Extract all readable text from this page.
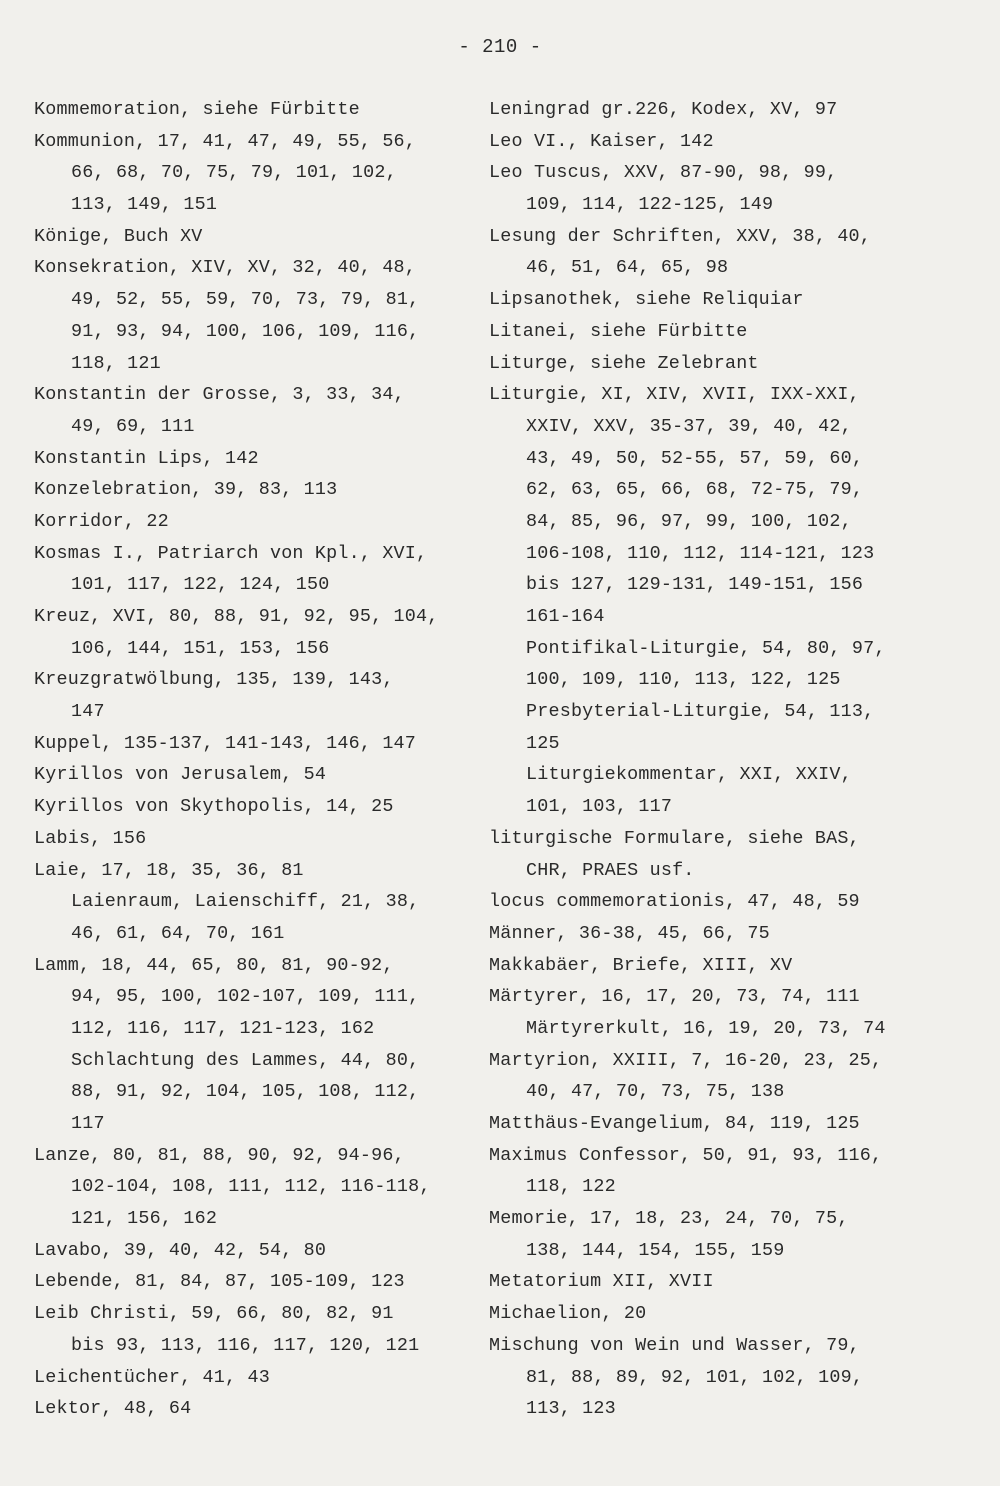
- 210 -
Kommemoration, siehe Fürbitte
Kommunion, 17, 41, 47, 49, 55, 56,
66, 68, 70, 75, 79, 101, 102,
113, 149, 151
Könige, Buch XV
Konsekration, XIV, XV, 32, 40, 48,
49, 52, 55, 59, 70, 73, 79, 81,
91, 93, 94, 100, 106, 109, 116,
118, 121
Konstantin der Grosse, 3, 33, 34,
49, 69, 111
Konstantin Lips, 142
Konzelebration, 39, 83, 113
Korridor, 22
Kosmas I., Patriarch von Kpl., XVI,
101, 117, 122, 124, 150
Kreuz, XVI, 80, 88, 91, 92, 95, 104,
106, 144, 151, 153, 156
Kreuzgratwölbung, 135, 139, 143,
147
Kuppel, 135-137, 141-143, 146, 147
Kyrillos von Jerusalem, 54
Kyrillos von Skythopolis, 14, 25
Labis, 156
Laie, 17, 18, 35, 36, 81
Laienraum, Laienschiff, 21, 38,
46, 61, 64, 70, 161
Lamm, 18, 44, 65, 80, 81, 90-92,
94, 95, 100, 102-107, 109, 111,
112, 116, 117, 121-123, 162
Schlachtung des Lammes, 44, 80,
88, 91, 92, 104, 105, 108, 112,
117
Lanze, 80, 81, 88, 90, 92, 94-96,
102-104, 108, 111, 112, 116-118,
121, 156, 162
Lavabo, 39, 40, 42, 54, 80
Lebende, 81, 84, 87, 105-109, 123
Leib Christi, 59, 66, 80, 82, 91
bis 93, 113, 116, 117, 120, 121
Leichentücher, 41, 43
Lektor, 48, 64
Leningrad gr.226, Kodex, XV, 97
Leo VI., Kaiser, 142
Leo Tuscus, XXV, 87-90, 98, 99,
109, 114, 122-125, 149
Lesung der Schriften, XXV, 38, 40,
46, 51, 64, 65, 98
Lipsanothek, siehe Reliquiar
Litanei, siehe Fürbitte
Liturge, siehe Zelebrant
Liturgie, XI, XIV, XVII, IXX-XXI,
XXIV, XXV, 35-37, 39, 40, 42,
43, 49, 50, 52-55, 57, 59, 60,
62, 63, 65, 66, 68, 72-75, 79,
84, 85, 96, 97, 99, 100, 102,
106-108, 110, 112, 114-121, 123
bis 127, 129-131, 149-151, 156
161-164
Pontifikal-Liturgie, 54, 80, 97,
100, 109, 110, 113, 122, 125
Presbyterial-Liturgie, 54, 113,
125
Liturgiekommentar, XXI, XXIV,
101, 103, 117
liturgische Formulare, siehe BAS,
CHR, PRAES usf.
locus commemorationis, 47, 48, 59
Männer, 36-38, 45, 66, 75
Makkabäer, Briefe, XIII, XV
Märtyrer, 16, 17, 20, 73, 74, 111
Märtyrerkult, 16, 19, 20, 73, 74
Martyrion, XXIII, 7, 16-20, 23, 25,
40, 47, 70, 73, 75, 138
Matthäus-Evangelium, 84, 119, 125
Maximus Confessor, 50, 91, 93, 116,
118, 122
Memorie, 17, 18, 23, 24, 70, 75,
138, 144, 154, 155, 159
Metatorium XII, XVII
Michaelion, 20
Mischung von Wein und Wasser, 79,
81, 88, 89, 92, 101, 102, 109,
113, 123
